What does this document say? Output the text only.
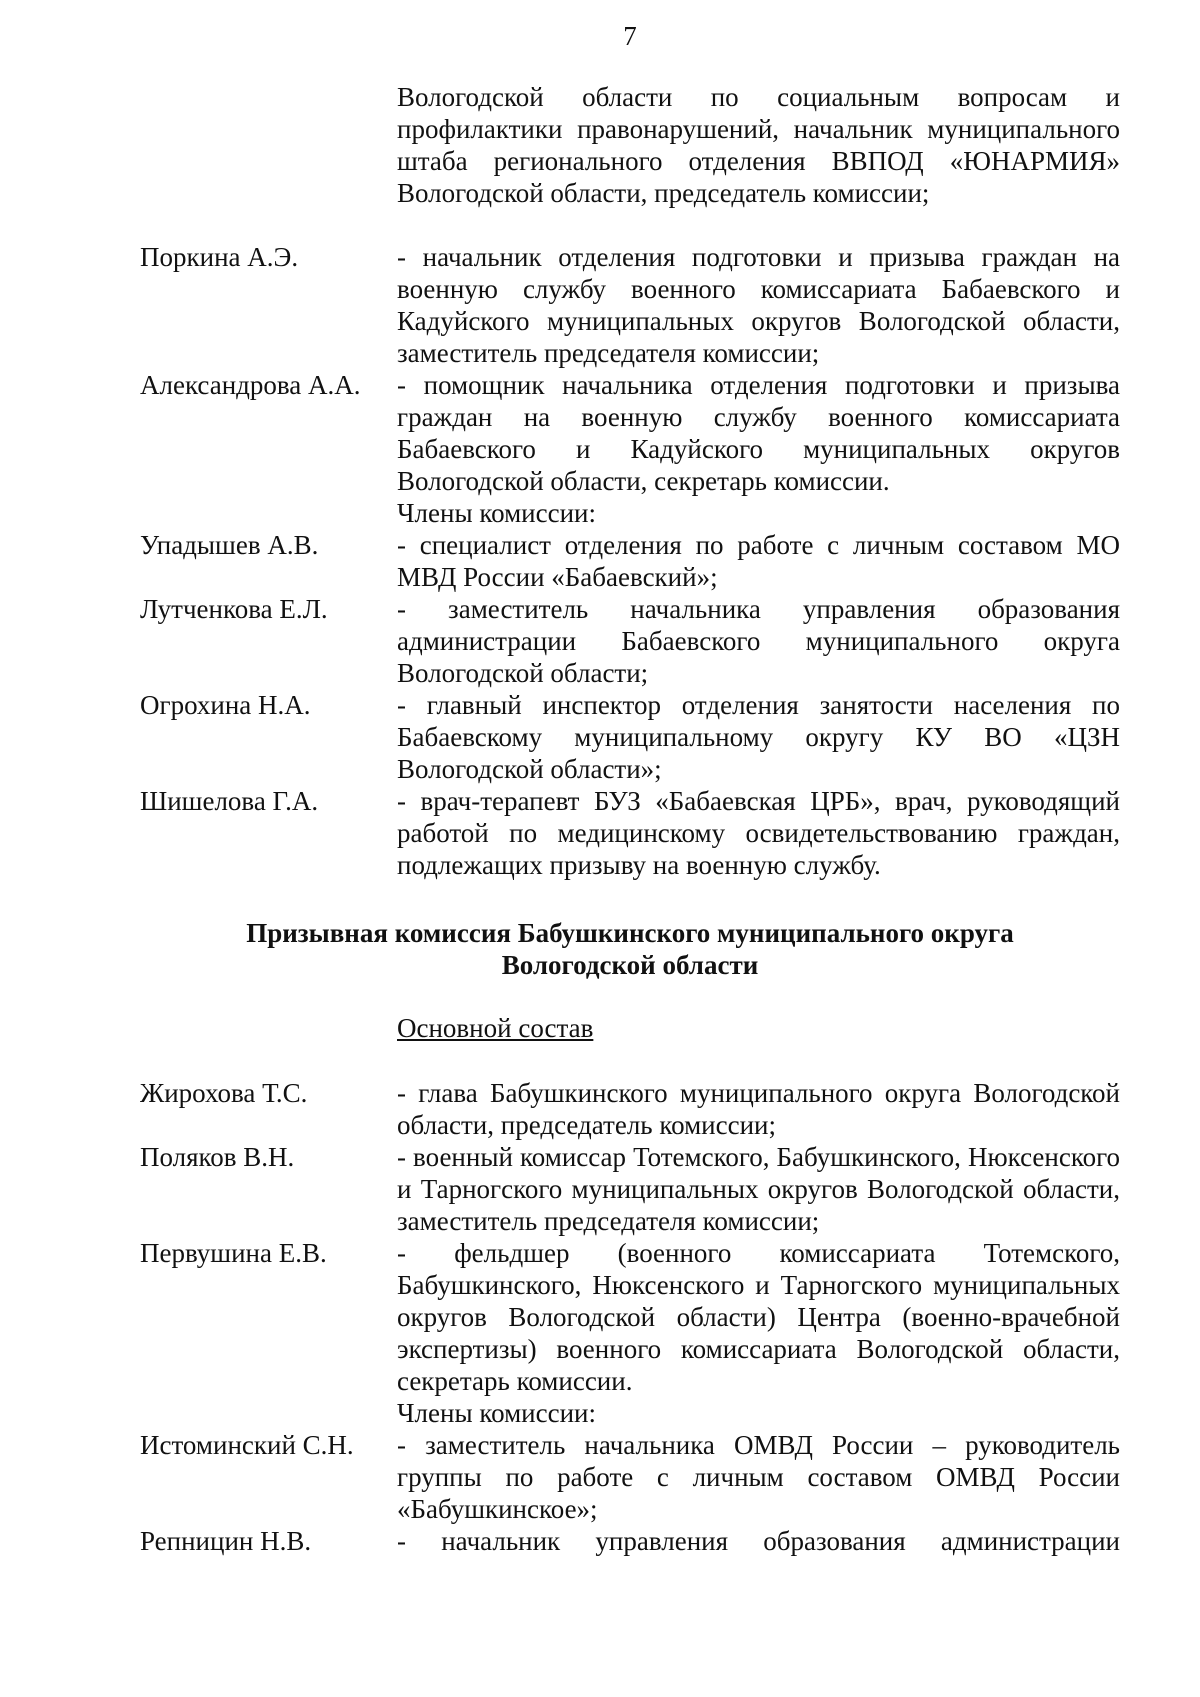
7
Вологодской области по социальным вопросам и профилактики правонарушений, начальник муниципального штаба регионального отделения ВВПОД «ЮНАРМИЯ» Вологодской области, председатель комиссии;
Поркина А.Э.	- начальник отделения подготовки и призыва граждан на военную службу военного комиссариата Бабаевского и Кадуйского муниципальных округов Вологодской области, заместитель председателя комиссии;
Александрова А.А.	- помощник начальника отделения подготовки и призыва граждан на военную службу военного комиссариата Бабаевского и Кадуйского муниципальных округов Вологодской области, секретарь комиссии.
Члены комиссии:
Упадышев А.В.	- специалист отделения по работе с личным составом МО МВД России «Бабаевский»;
Лутченкова Е.Л.	- заместитель начальника управления образования администрации Бабаевского муниципального округа Вологодской области;
Огрохина Н.А.	- главный инспектор отделения занятости населения по Бабаевскому муниципальному округу КУ ВО «ЦЗН Вологодской области»;
Шишелова Г.А.	- врач-терапевт БУЗ «Бабаевская ЦРБ», врач, руководящий работой по медицинскому освидетельствованию граждан, подлежащих призыву на военную службу.
Призывная комиссия Бабушкинского муниципального округа
Вологодской области
Основной состав
Жирохова Т.С.	- глава Бабушкинского муниципального округа Вологодской области, председатель комиссии;
Поляков В.Н.	- военный комиссар Тотемского, Бабушкинского, Нюксенского и Тарногского муниципальных округов Вологодской области, заместитель председателя комиссии;
Первушина Е.В.	- фельдшер (военного комиссариата Тотемского, Бабушкинского, Нюксенского и Тарногского муниципальных округов Вологодской области) Центра (военно-врачебной экспертизы) военного комиссариата Вологодской области, секретарь комиссии.
Члены комиссии:
Истоминский С.Н.	- заместитель начальника ОМВД России – руководитель группы по работе с личным составом ОМВД России «Бабушкинское»;
Репницин Н.В.	- начальник управления образования администрации
